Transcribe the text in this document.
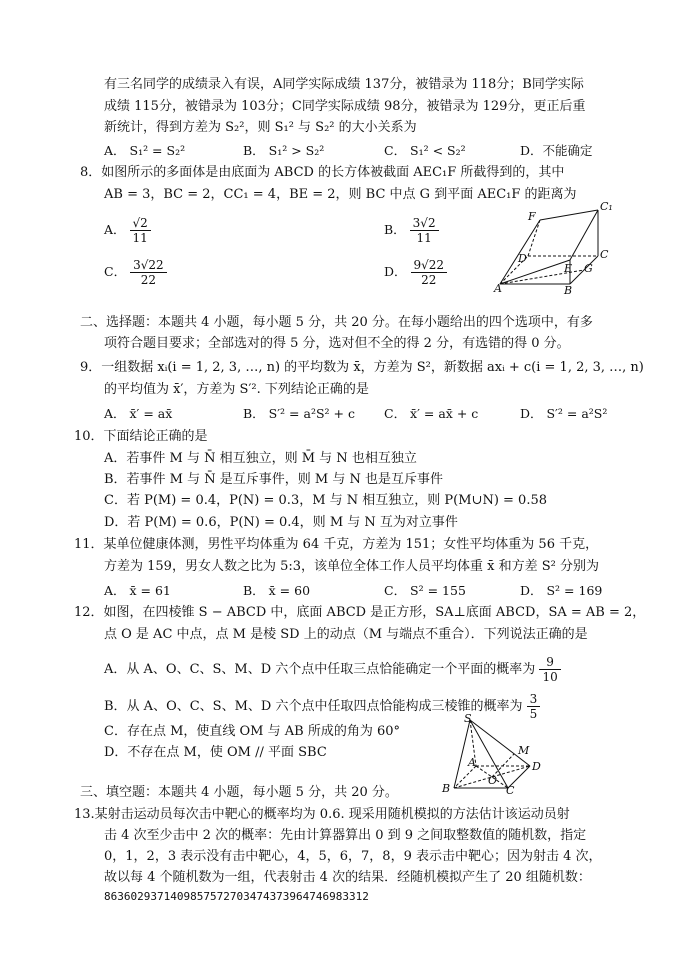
有三名同学的成绩录入有误，A同学实际成绩 137分，被错录为 118分；B同学实际
成绩 115分，被错录为 103分；C同学实际成绩 98分，被错录为 129分，更正后重
新统计，得到方差为 S₂²，则 S₁² 与 S₂² 的大小关系为
A． S₁² = S₂²	B． S₁² > S₂²	C． S₁² < S₂²	D．不能确定
8．如图所示的多面体是由底面为 ABCD 的长方体被截面 AEC₁F 所截得到的，其中
AB = 3，BC = 2，CC₁ = 4，BE = 2，则 BC 中点 G 到平面 AEC₁F 的距离为
A． $\frac{√2}{11}$	B． $\frac{3√2}{11}$
C． $\frac{3√22}{22}$	D． $\frac{9√22}{22}$
F
C₁
D	C
E G
A	B
二、选择题：本题共 4 小题，每小题 5 分，共 20 分。在每小题给出的四个选项中，有多
项符合题目要求；全部选对的得 5 分，选对但不全的得 2 分，有选错的得 0 分。
9．一组数据 xᵢ(i = 1, 2, 3, …, n) 的平均数为 x̄，方差为 S²，新数据 axᵢ + c(i = 1, 2, 3, …, n)
的平均值为 x̄′，方差为 S′². 下列结论正确的是
A． x̄′ = ax̄	B． S′² = a²S² + c C． x̄′ = ax̄ + c	D． S′² = a²S²
10．下面结论正确的是
A．若事件 M 与 N̄ 相互独立，则 M̄ 与 N 也相互独立
B．若事件 M 与 N̄ 是互斥事件，则 M 与 N 也是互斥事件
C．若 P(M) = 0.4，P(N) = 0.3，M 与 N 相互独立，则 P(M∪N) = 0.58
D．若 P(M) = 0.6，P(N) = 0.4，则 M 与 N 互为对立事件
11．某单位健康体测，男性平均体重为 64 千克，方差为 151；女性平均体重为 56 千克，
方差为 159，男女人数之比为 5:3，该单位全体工作人员平均体重 x̄ 和方差 S² 分别为
A． x̄ = 61	B． x̄ = 60	C． S² = 155	D． S² = 169
12．如图，在四棱锥 S − ABCD 中，底面 ABCD 是正方形，SA⊥底面 ABCD，SA = AB = 2，
点 O 是 AC 中点，点 M 是棱 SD 上的动点（M 与端点不重合）．下列说法正确的是
A．从 A、O、C、S、M、D 六个点中任取三点恰能确定一个平面的概率为 $\frac{9}{10}$
B．从 A、O、C、S、M、D 六个点中任取四点恰能构成三棱锥的概率为 $\frac{3}{5}$
C．存在点 M，使直线 OM 与 AB 所成的角为 60°
D．不存在点 M，使 OM // 平面 SBC
S
M
A	D
O
B	C
三、填空题：本题共 4 小题，每小题 5 分，共 20 分。
13.某射击运动员每次击中靶心的概率均为 0.6. 现采用随机模拟的方法估计该运动员射
击 4 次至少击中 2 次的概率：先由计算器算出 0 到 9 之间取整数值的随机数，指定
0，1，2，3 表示没有击中靶心，4，5，6，7，8，9 表示击中靶心；因为射击 4 次，
故以每 4 个随机数为一组，代表射击 4 次的结果．经随机模拟产生了 20 组随机数：
8636029371409857572703474373964746983312
